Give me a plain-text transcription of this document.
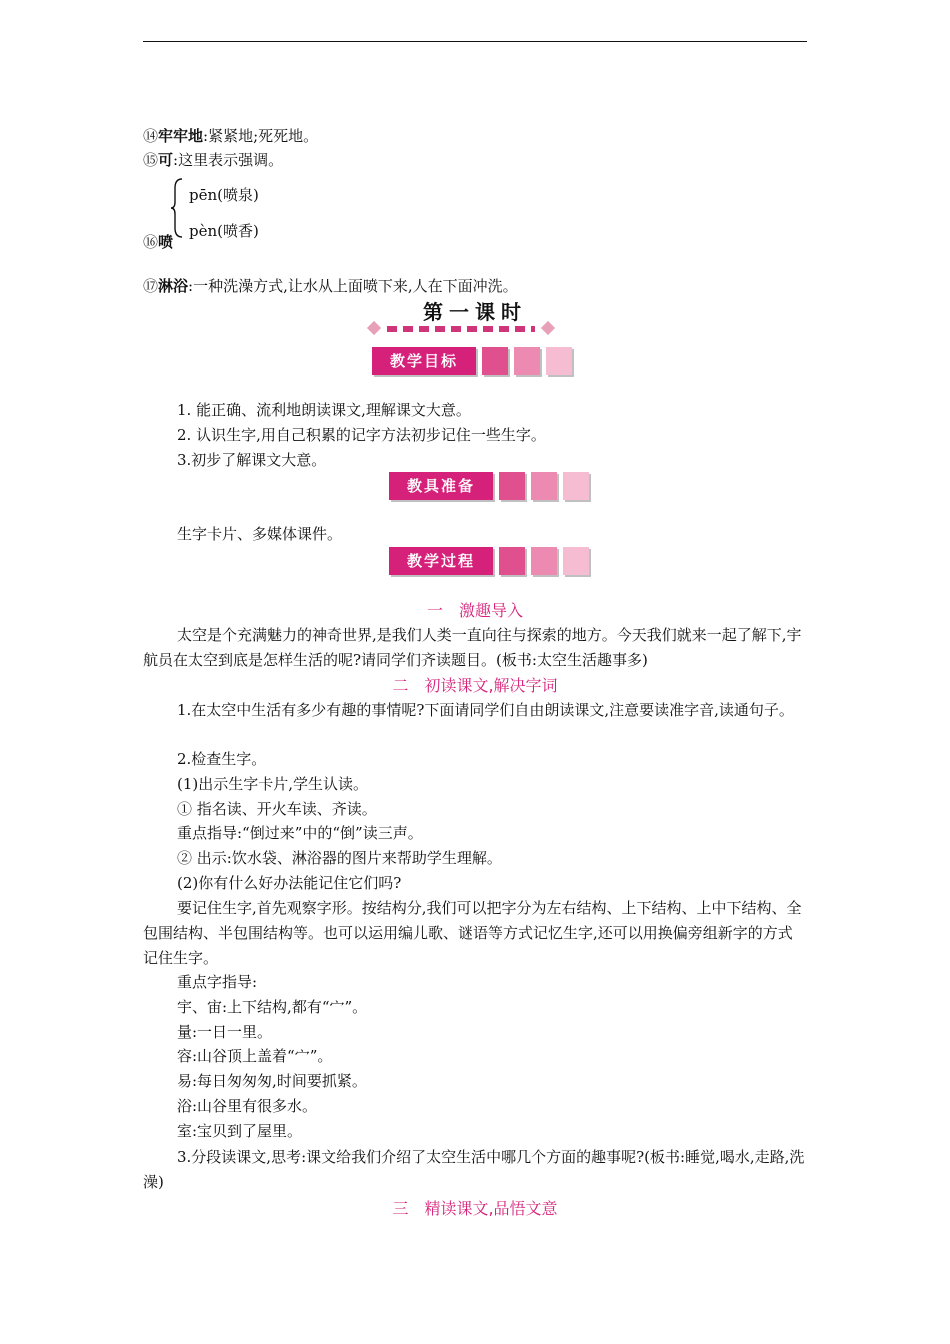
⑭牢牢地:紧紧地;死死地。
⑮可:这里表示强调。
pēn(喷泉)
pèn(喷香)
⑯喷
⑰淋浴:一种洗澡方式,让水从上面喷下来,人在下面冲洗。
第一课时
教学目标
1. 能正确、流利地朗读课文,理解课文大意。
2. 认识生字,用自己积累的记字方法初步记住一些生字。
3.初步了解课文大意。
教具准备
生字卡片、多媒体课件。
教学过程
一　激趣导入
太空是个充满魅力的神奇世界,是我们人类一直向往与探索的地方。今天我们就来一起了解下,宇航员在太空到底是怎样生活的呢?请同学们齐读题目。(板书:太空生活趣事多)
二　初读课文,解决字词
1.在太空中生活有多少有趣的事情呢?下面请同学们自由朗读课文,注意要读准字音,读通句子。
2.检查生字。
(1)出示生字卡片,学生认读。
① 指名读、开火车读、齐读。
重点指导:“倒过来”中的“倒”读三声。
② 出示:饮水袋、淋浴器的图片来帮助学生理解。
(2)你有什么好办法能记住它们吗?
要记住生字,首先观察字形。按结构分,我们可以把字分为左右结构、上下结构、上中下结构、全包围结构、半包围结构等。也可以运用编儿歌、谜语等方式记忆生字,还可以用换偏旁组新字的方式记住生字。
重点字指导:
宇、宙:上下结构,都有“宀”。
量:一日一里。
容:山谷顶上盖着“宀”。
易:每日匆匆匆,时间要抓紧。
浴:山谷里有很多水。
室:宝贝到了屋里。
3.分段读课文,思考:课文给我们介绍了太空生活中哪几个方面的趣事呢?(板书:睡觉,喝水,走路,洗澡)
三　精读课文,品悟文意
